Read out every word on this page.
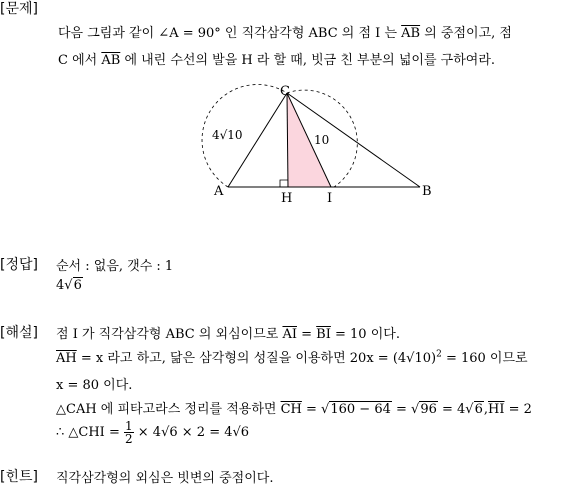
[문제]
다음 그림과 같이 ∠A = 90° 인 직각삼각형 ABC 의 점 I 는 $\overline{AB}$ 의 중점이고, 점
C 에서 $\overline{AB}$ 에 내린 수선의 발을 H 라 할 때, 빗금 친 부분의 넓이를 구하여라.
C
A	H	I	B
4√10	10
[정답] 순서 : 없음, 갯수 : 1
4√6
[해설] 점 I 가 직각삼각형 ABC 의 외심이므로 $\overline{AI} = \overline{BI} = 10$ 이다.
$\overline{AH} = x$ 라고 하고, 닮은 삼각형의 성질을 이용하면 $20x = (4√10)^2 = 160$ 이므로
x = 80 이다.
△CAH 에 피타고라스 정리를 적용하면 $\overline{CH} = √160 - 64 = √96 = 4√6,\overline{HI} = 2$
∴ △CHI = $\frac{1}{2} \times 4√6 \times 2 = 4√6$
[힌트] 직각삼각형의 외심은 빗변의 중점이다.
